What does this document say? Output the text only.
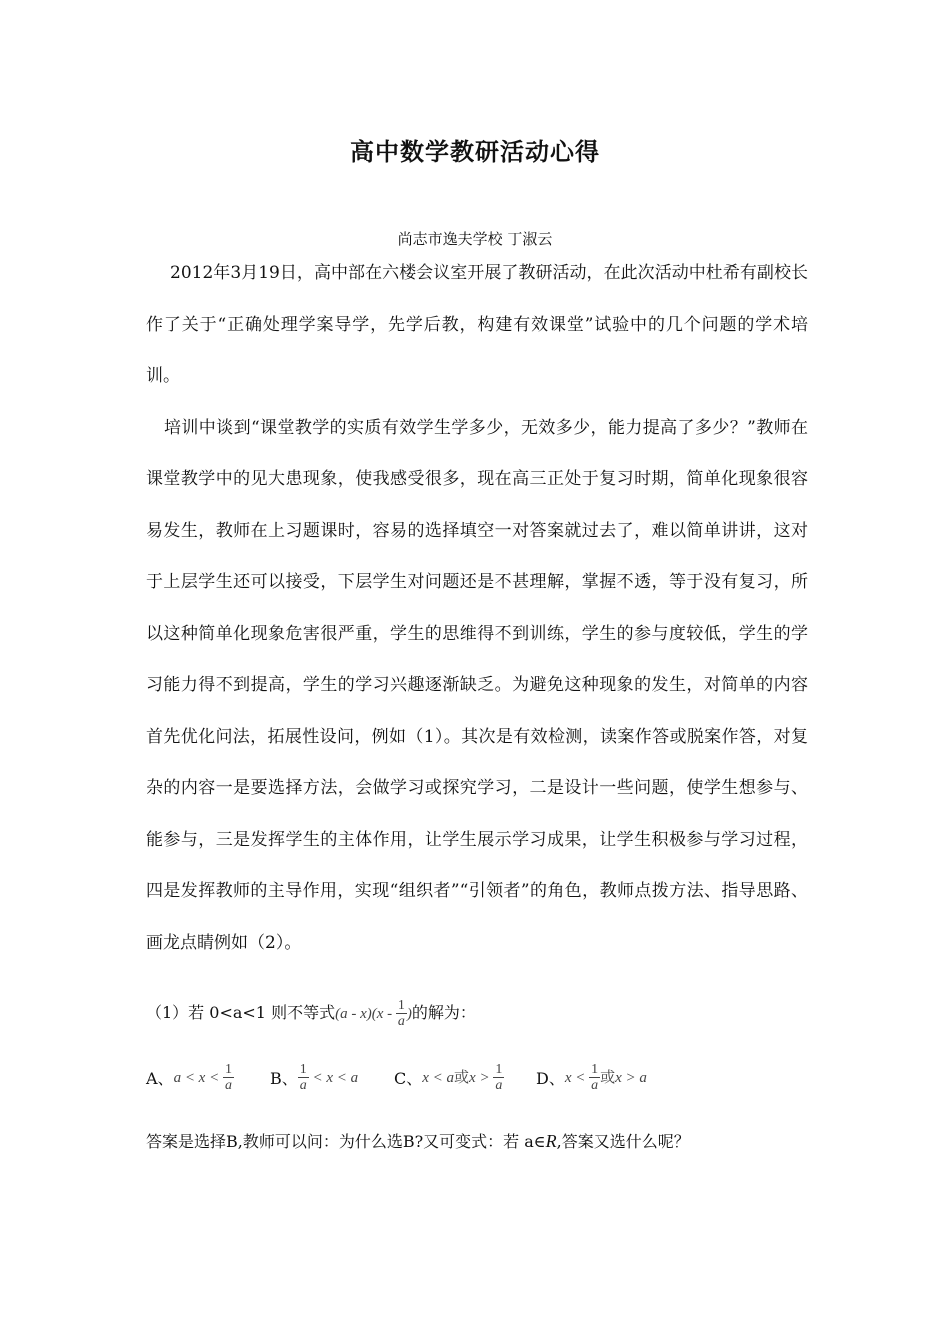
高中数学教研活动心得
尚志市逸夫学校 丁淑云

2012年3月19日，高中部在六楼会议室开展了教研活动，在此次活动中杜希有副校长作了关于“正确处理学案导学，先学后教，构建有效课堂”试验中的几个问题的学术培训。

培训中谈到“课堂教学的实质有效学生学多少，无效多少，能力提高了多少？”教师在课堂教学中的见大患现象，使我感受很多，现在高三正处于复习时期，简单化现象很容易发生，教师在上习题课时，容易的选择填空一对答案就过去了，难以简单讲讲，这对于上层学生还可以接受，下层学生对问题还是不甚理解，掌握不透，等于没有复习，所以这种简单化现象危害很严重，学生的思维得不到训练，学生的参与度较低，学生的学习能力得不到提高，学生的学习兴趣逐渐缺乏。为避免这种现象的发生，对简单的内容首先优化问法，拓展性设问，例如（1）。其次是有效检测，读案作答或脱案作答，对复杂的内容一是要选择方法，会做学习或探究学习，二是设计一些问题，使学生想参与、能参与，三是发挥学生的主体作用，让学生展示学习成果，让学生积极参与学习过程，四是发挥教师的主导作用，实现“组织者”“引领者”的角色，教师点拨方法、指导思路、画龙点睛例如（2）。

（1）若 0<a<1 则不等式$(a - x)(x - \frac{1}{a}$ )的解为：
A、$a < x < \frac{1}{a}$ B、 $\frac{1}{a} < x < a$ C、x < a或$x > \frac{1}{a}$ D、$x < \frac{1}{a}$ 或x > a
答案是选择B,教师可以问：为什么选B?又可变式：若 a∈R,答案又选什么呢？
